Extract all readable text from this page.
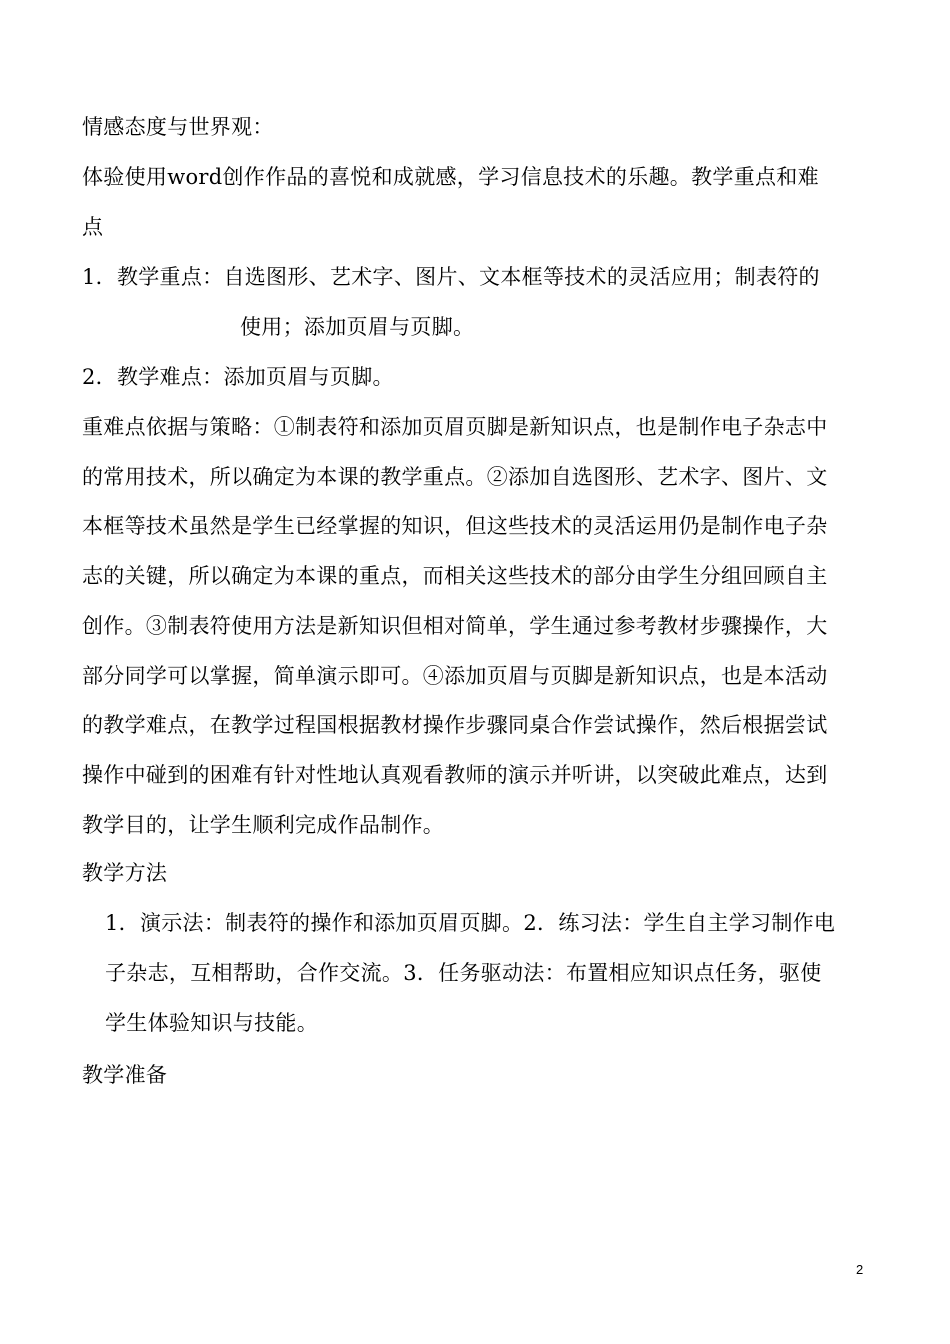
情感态度与世界观：
体验使用word创作作品的喜悦和成就感，学习信息技术的乐趣。教学重点和难
点
1．教学重点：自选图形、艺术字、图片、文本框等技术的灵活应用；制表符的
使用；添加页眉与页脚。
2．教学难点：添加页眉与页脚。
重难点依据与策略：①制表符和添加页眉页脚是新知识点，也是制作电子杂志中
的常用技术，所以确定为本课的教学重点。②添加自选图形、艺术字、图片、文
本框等技术虽然是学生已经掌握的知识，但这些技术的灵活运用仍是制作电子杂
志的关键，所以确定为本课的重点，而相关这些技术的部分由学生分组回顾自主
创作。③制表符使用方法是新知识但相对简单，学生通过参考教材步骤操作，大
部分同学可以掌握，简单演示即可。④添加页眉与页脚是新知识点，也是本活动
的教学难点，在教学过程国根据教材操作步骤同桌合作尝试操作，然后根据尝试
操作中碰到的困难有针对性地认真观看教师的演示并听讲，以突破此难点，达到
教学目的，让学生顺利完成作品制作。
教学方法
1．演示法：制表符的操作和添加页眉页脚。2．练习法：学生自主学习制作电
子杂志，互相帮助，合作交流。3．任务驱动法：布置相应知识点任务，驱使
学生体验知识与技能。
教学准备
2
